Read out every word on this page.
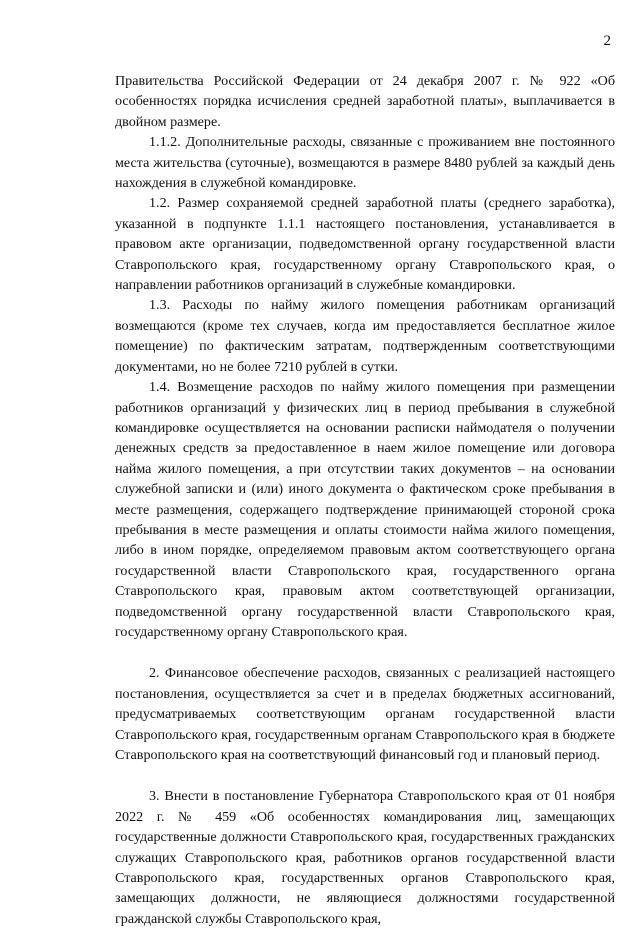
2

Правительства Российской Федерации от 24 декабря 2007 г. № 922 «Об особенностях порядка исчисления средней заработной платы», выплачивается в двойном размере.

1.1.2. Дополнительные расходы, связанные с проживанием вне постоянного места жительства (суточные), возмещаются в размере 8480 рублей за каждый день нахождения в служебной командировке.

1.2. Размер сохраняемой средней заработной платы (среднего заработка), указанной в подпункте 1.1.1 настоящего постановления, устанавливается в правовом акте организации, подведомственной органу государственной власти Ставропольского края, государственному органу Ставропольского края, о направлении работников организаций в служебные командировки.

1.3. Расходы по найму жилого помещения работникам организаций возмещаются (кроме тех случаев, когда им предоставляется бесплатное жилое помещение) по фактическим затратам, подтвержденным соответствующими документами, но не более 7210 рублей в сутки.

1.4. Возмещение расходов по найму жилого помещения при размещении работников организаций у физических лиц в период пребывания в служебной командировке осуществляется на основании расписки наймодателя о получении денежных средств за предоставленное в наем жилое помещение или договора найма жилого помещения, а при отсутствии таких документов – на основании служебной записки и (или) иного документа о фактическом сроке пребывания в месте размещения, содержащего подтверждение принимающей стороной срока пребывания в месте размещения и оплаты стоимости найма жилого помещения, либо в ином порядке, определяемом правовым актом соответствующего органа государственной власти Ставропольского края, государственного органа Ставропольского края, правовым актом соответствующей организации, подведомственной органу государственной власти Ставропольского края, государственному органу Ставропольского края.

2. Финансовое обеспечение расходов, связанных с реализацией настоящего постановления, осуществляется за счет и в пределах бюджетных ассигнований, предусматриваемых соответствующим органам государственной власти Ставропольского края, государственным органам Ставропольского края в бюджете Ставропольского края на соответствующий финансовый год и плановый период.

3. Внести в постановление Губернатора Ставропольского края от 01 ноября 2022 г. № 459 «Об особенностях командирования лиц, замещающих государственные должности Ставропольского края, государственных гражданских служащих Ставропольского края, работников органов государственной власти Ставропольского края, государственных органов Ставропольского края, замещающих должности, не являющиеся должностями государственной гражданской службы Ставропольского края,
